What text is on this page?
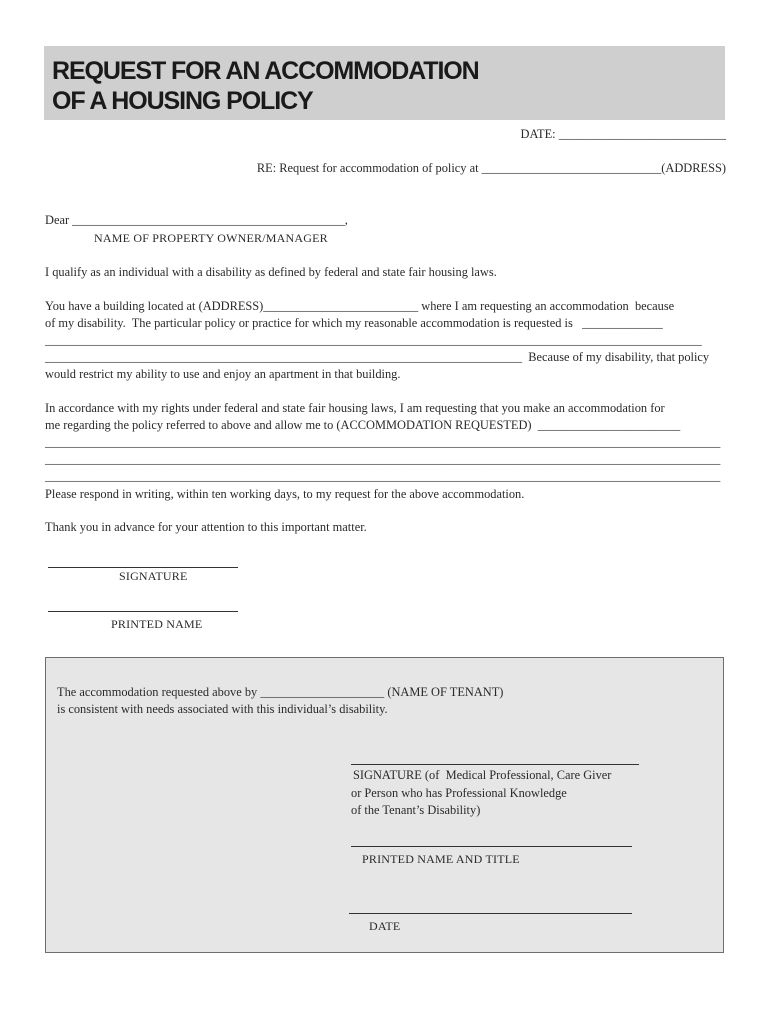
REQUEST FOR AN ACCOMMODATION
OF A HOUSING POLICY
DATE: ___________________________
RE: Request for accommodation of policy at _____________________________(ADDRESS)
Dear ____________________________________________,
NAME OF PROPERTY OWNER/MANAGER
I qualify as an individual with a disability as defined by federal and state fair housing laws.
You have a building located at (ADDRESS)_________________________ where I am requesting an accommodation  because
of my disability.  The particular policy or practice for which my reasonable accommodation is requested is   _____________
__________________________________________________________________________________________________________
_____________________________________________________________________________  Because of my disability, that policy
would restrict my ability to use and enjoy an apartment in that building.
In accordance with my rights under federal and state fair housing laws, I am requesting that you make an accommodation for
me regarding the policy referred to above and allow me to (ACCOMMODATION REQUESTED)  _______________________
_____________________________________________________________________________________________________________
_____________________________________________________________________________________________________________
_____________________________________________________________________________________________________________
Please respond in writing, within ten working days, to my request for the above accommodation.
Thank you in advance for your attention to this important matter.
SIGNATURE
PRINTED NAME
The accommodation requested above by ____________________ (NAME OF TENANT)
is consistent with needs associated with this individual’s disability.
SIGNATURE (of  Medical Professional, Care Giver
or Person who has Professional Knowledge
of the Tenant’s Disability)
PRINTED NAME AND TITLE
DATE
